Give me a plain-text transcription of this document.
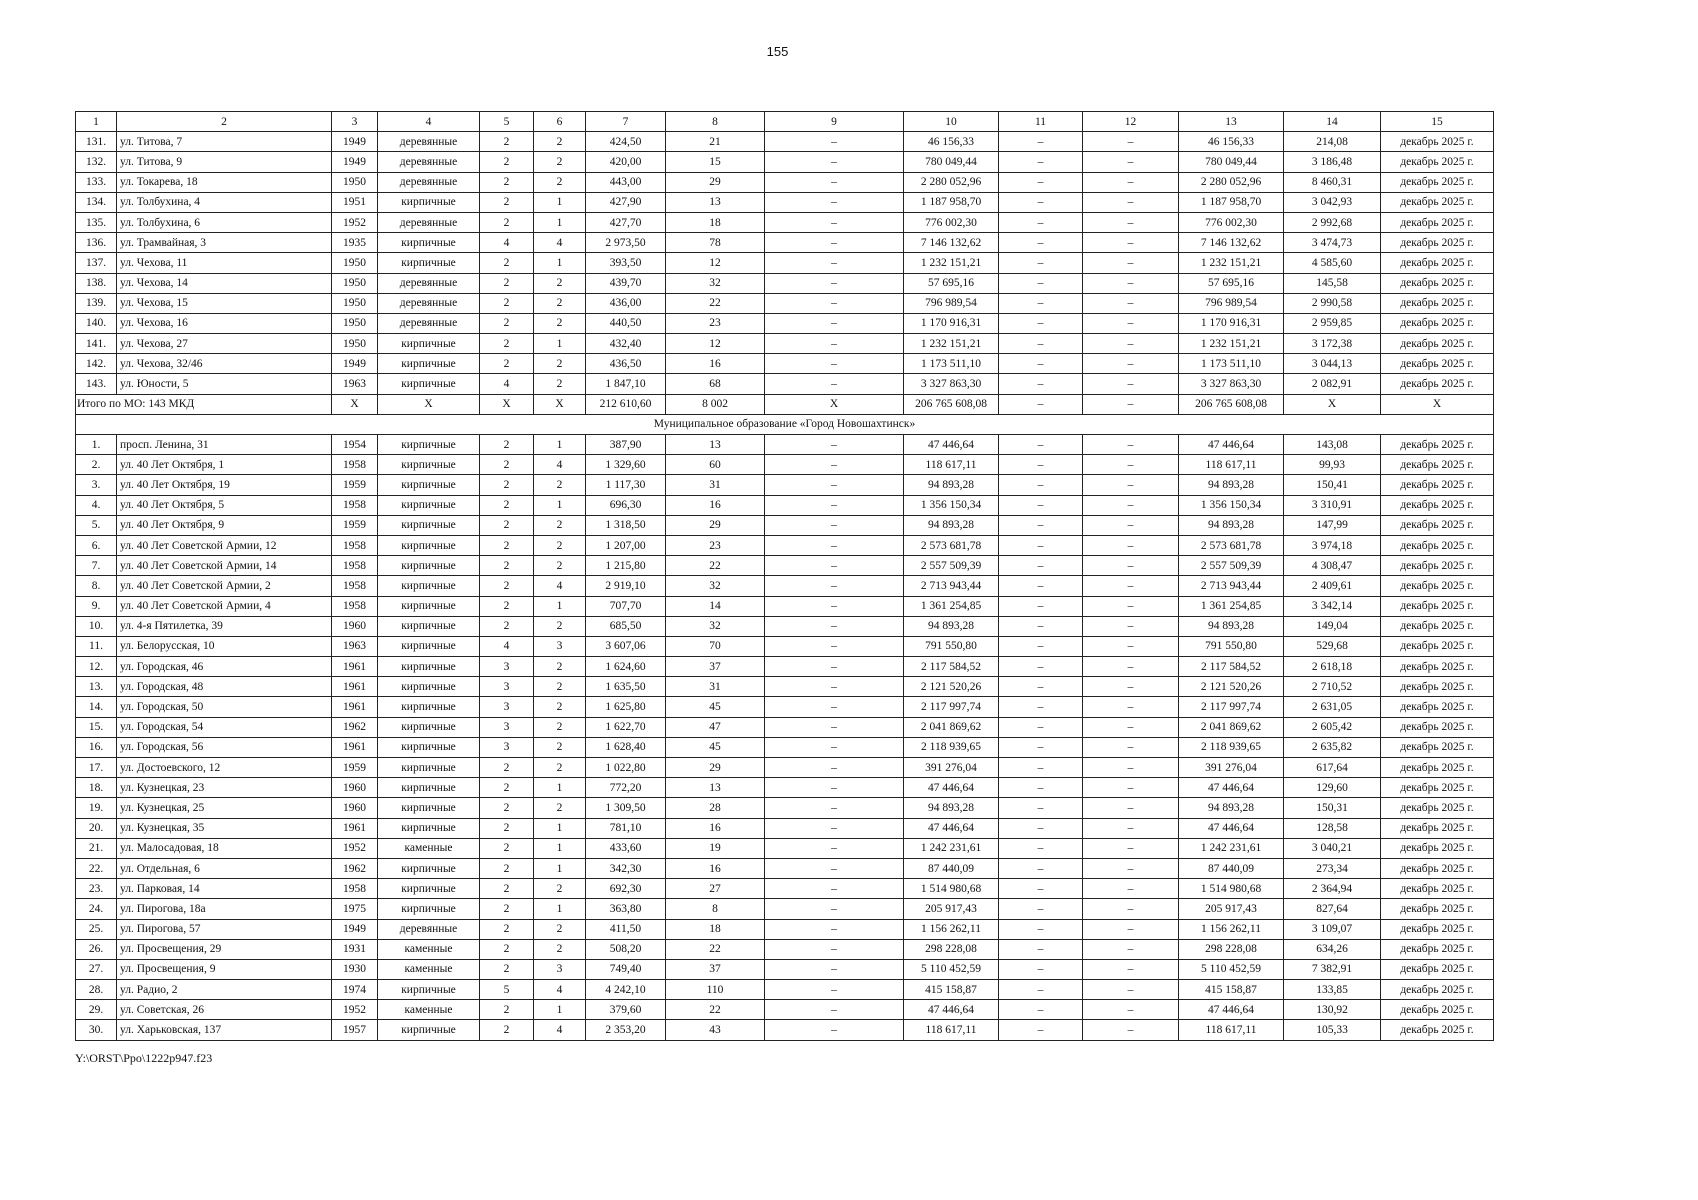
155
1	2	3	4	5	6	7	8	9	10	11	12	13	14	15
131.	ул. Титова, 7	1949	деревянные	2	2	424,50	21	–	46 156,33	–	–	46 156,33	214,08	декабрь 2025 г.
132.	ул. Титова, 9	1949	деревянные	2	2	420,00	15	–	780 049,44	–	–	780 049,44	3 186,48	декабрь 2025 г.
133.	ул. Токарева, 18	1950	деревянные	2	2	443,00	29	–	2 280 052,96	–	–	2 280 052,96	8 460,31	декабрь 2025 г.
134.	ул. Толбухина, 4	1951	кирпичные	2	1	427,90	13	–	1 187 958,70	–	–	1 187 958,70	3 042,93	декабрь 2025 г.
135.	ул. Толбухина, 6	1952	деревянные	2	1	427,70	18	–	776 002,30	–	–	776 002,30	2 992,68	декабрь 2025 г.
136.	ул. Трамвайная, 3	1935	кирпичные	4	4	2 973,50	78	–	7 146 132,62	–	–	7 146 132,62	3 474,73	декабрь 2025 г.
137.	ул. Чехова, 11	1950	кирпичные	2	1	393,50	12	–	1 232 151,21	–	–	1 232 151,21	4 585,60	декабрь 2025 г.
138.	ул. Чехова, 14	1950	деревянные	2	2	439,70	32	–	57 695,16	–	–	57 695,16	145,58	декабрь 2025 г.
139.	ул. Чехова, 15	1950	деревянные	2	2	436,00	22	–	796 989,54	–	–	796 989,54	2 990,58	декабрь 2025 г.
140.	ул. Чехова, 16	1950	деревянные	2	2	440,50	23	–	1 170 916,31	–	–	1 170 916,31	2 959,85	декабрь 2025 г.
141.	ул. Чехова, 27	1950	кирпичные	2	1	432,40	12	–	1 232 151,21	–	–	1 232 151,21	3 172,38	декабрь 2025 г.
142.	ул. Чехова, 32/46	1949	кирпичные	2	2	436,50	16	–	1 173 511,10	–	–	1 173 511,10	3 044,13	декабрь 2025 г.
143.	ул. Юности, 5	1963	кирпичные	4	2	1 847,10	68	–	3 327 863,30	–	–	3 327 863,30	2 082,91	декабрь 2025 г.
Итого по МО: 143 МКД		X	X	X	X	212 610,60	8 002	X	206 765 608,08	–	–	206 765 608,08	X	X
Муниципальное образование «Город Новошахтинск»														
1.	просп. Ленина, 31	1954	кирпичные	2	1	387,90	13	–	47 446,64	–	–	47 446,64	143,08	декабрь 2025 г.
2.	ул. 40 Лет Октября, 1	1958	кирпичные	2	4	1 329,60	60	–	118 617,11	–	–	118 617,11	99,93	декабрь 2025 г.
3.	ул. 40 Лет Октября, 19	1959	кирпичные	2	2	1 117,30	31	–	94 893,28	–	–	94 893,28	150,41	декабрь 2025 г.
4.	ул. 40 Лет Октября, 5	1958	кирпичные	2	1	696,30	16	–	1 356 150,34	–	–	1 356 150,34	3 310,91	декабрь 2025 г.
5.	ул. 40 Лет Октября, 9	1959	кирпичные	2	2	1 318,50	29	–	94 893,28	–	–	94 893,28	147,99	декабрь 2025 г.
6.	ул. 40 Лет Советской Армии, 12	1958	кирпичные	2	2	1 207,00	23	–	2 573 681,78	–	–	2 573 681,78	3 974,18	декабрь 2025 г.
7.	ул. 40 Лет Советской Армии, 14	1958	кирпичные	2	2	1 215,80	22	–	2 557 509,39	–	–	2 557 509,39	4 308,47	декабрь 2025 г.
8.	ул. 40 Лет Советской Армии, 2	1958	кирпичные	2	4	2 919,10	32	–	2 713 943,44	–	–	2 713 943,44	2 409,61	декабрь 2025 г.
9.	ул. 40 Лет Советской Армии, 4	1958	кирпичные	2	1	707,70	14	–	1 361 254,85	–	–	1 361 254,85	3 342,14	декабрь 2025 г.
10.	ул. 4-я Пятилетка, 39	1960	кирпичные	2	2	685,50	32	–	94 893,28	–	–	94 893,28	149,04	декабрь 2025 г.
11.	ул. Белорусская, 10	1963	кирпичные	4	3	3 607,06	70	–	791 550,80	–	–	791 550,80	529,68	декабрь 2025 г.
12.	ул. Городская, 46	1961	кирпичные	3	2	1 624,60	37	–	2 117 584,52	–	–	2 117 584,52	2 618,18	декабрь 2025 г.
13.	ул. Городская, 48	1961	кирпичные	3	2	1 635,50	31	–	2 121 520,26	–	–	2 121 520,26	2 710,52	декабрь 2025 г.
14.	ул. Городская, 50	1961	кирпичные	3	2	1 625,80	45	–	2 117 997,74	–	–	2 117 997,74	2 631,05	декабрь 2025 г.
15.	ул. Городская, 54	1962	кирпичные	3	2	1 622,70	47	–	2 041 869,62	–	–	2 041 869,62	2 605,42	декабрь 2025 г.
16.	ул. Городская, 56	1961	кирпичные	3	2	1 628,40	45	–	2 118 939,65	–	–	2 118 939,65	2 635,82	декабрь 2025 г.
17.	ул. Достоевского, 12	1959	кирпичные	2	2	1 022,80	29	–	391 276,04	–	–	391 276,04	617,64	декабрь 2025 г.
18.	ул. Кузнецкая, 23	1960	кирпичные	2	1	772,20	13	–	47 446,64	–	–	47 446,64	129,60	декабрь 2025 г.
19.	ул. Кузнецкая, 25	1960	кирпичные	2	2	1 309,50	28	–	94 893,28	–	–	94 893,28	150,31	декабрь 2025 г.
20.	ул. Кузнецкая, 35	1961	кирпичные	2	1	781,10	16	–	47 446,64	–	–	47 446,64	128,58	декабрь 2025 г.
21.	ул. Малосадовая, 18	1952	каменные	2	1	433,60	19	–	1 242 231,61	–	–	1 242 231,61	3 040,21	декабрь 2025 г.
22.	ул. Отдельная, 6	1962	кирпичные	2	1	342,30	16	–	87 440,09	–	–	87 440,09	273,34	декабрь 2025 г.
23.	ул. Парковая, 14	1958	кирпичные	2	2	692,30	27	–	1 514 980,68	–	–	1 514 980,68	2 364,94	декабрь 2025 г.
24.	ул. Пирогова, 18а	1975	кирпичные	2	1	363,80	8	–	205 917,43	–	–	205 917,43	827,64	декабрь 2025 г.
25.	ул. Пирогова, 57	1949	деревянные	2	2	411,50	18	–	1 156 262,11	–	–	1 156 262,11	3 109,07	декабрь 2025 г.
26.	ул. Просвещения, 29	1931	каменные	2	2	508,20	22	–	298 228,08	–	–	298 228,08	634,26	декабрь 2025 г.
27.	ул. Просвещения, 9	1930	каменные	2	3	749,40	37	–	5 110 452,59	–	–	5 110 452,59	7 382,91	декабрь 2025 г.
28.	ул. Радио, 2	1974	кирпичные	5	4	4 242,10	110	–	415 158,87	–	–	415 158,87	133,85	декабрь 2025 г.
29.	ул. Советская, 26	1952	каменные	2	1	379,60	22	–	47 446,64	–	–	47 446,64	130,92	декабрь 2025 г.
30.	ул. Харьковская, 137	1957	кирпичные	2	4	2 353,20	43	–	118 617,11	–	–	118 617,11	105,33	декабрь 2025 г.
Y:\ORST\Ppo\1222p947.f23
